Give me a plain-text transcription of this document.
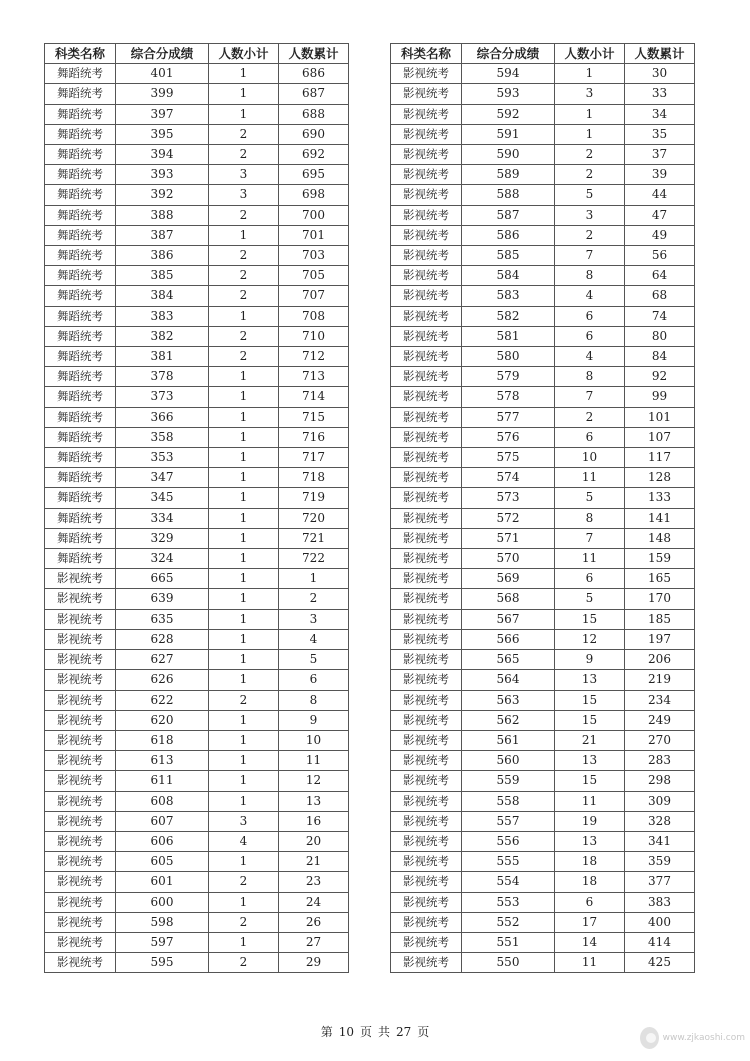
科类名称	综合分成绩	人数小计	人数累计
舞蹈统考	401	1	686
舞蹈统考	399	1	687
舞蹈统考	397	1	688
舞蹈统考	395	2	690
舞蹈统考	394	2	692
舞蹈统考	393	3	695
舞蹈统考	392	3	698
舞蹈统考	388	2	700
舞蹈统考	387	1	701
舞蹈统考	386	2	703
舞蹈统考	385	2	705
舞蹈统考	384	2	707
舞蹈统考	383	1	708
舞蹈统考	382	2	710
舞蹈统考	381	2	712
舞蹈统考	378	1	713
舞蹈统考	373	1	714
舞蹈统考	366	1	715
舞蹈统考	358	1	716
舞蹈统考	353	1	717
舞蹈统考	347	1	718
舞蹈统考	345	1	719
舞蹈统考	334	1	720
舞蹈统考	329	1	721
舞蹈统考	324	1	722
影视统考	665	1	1
影视统考	639	1	2
影视统考	635	1	3
影视统考	628	1	4
影视统考	627	1	5
影视统考	626	1	6
影视统考	622	2	8
影视统考	620	1	9
影视统考	618	1	10
影视统考	613	1	11
影视统考	611	1	12
影视统考	608	1	13
影视统考	607	3	16
影视统考	606	4	20
影视统考	605	1	21
影视统考	601	2	23
影视统考	600	1	24
影视统考	598	2	26
影视统考	597	1	27
影视统考	595	2	29
科类名称	综合分成绩	人数小计	人数累计
影视统考	594	1	30
影视统考	593	3	33
影视统考	592	1	34
影视统考	591	1	35
影视统考	590	2	37
影视统考	589	2	39
影视统考	588	5	44
影视统考	587	3	47
影视统考	586	2	49
影视统考	585	7	56
影视统考	584	8	64
影视统考	583	4	68
影视统考	582	6	74
影视统考	581	6	80
影视统考	580	4	84
影视统考	579	8	92
影视统考	578	7	99
影视统考	577	2	101
影视统考	576	6	107
影视统考	575	10	117
影视统考	574	11	128
影视统考	573	5	133
影视统考	572	8	141
影视统考	571	7	148
影视统考	570	11	159
影视统考	569	6	165
影视统考	568	5	170
影视统考	567	15	185
影视统考	566	12	197
影视统考	565	9	206
影视统考	564	13	219
影视统考	563	15	234
影视统考	562	15	249
影视统考	561	21	270
影视统考	560	13	283
影视统考	559	15	298
影视统考	558	11	309
影视统考	557	19	328
影视统考	556	13	341
影视统考	555	18	359
影视统考	554	18	377
影视统考	553	6	383
影视统考	552	17	400
影视统考	551	14	414
影视统考	550	11	425
第 10 页 共 27 页	www.zjkaoshi.com
